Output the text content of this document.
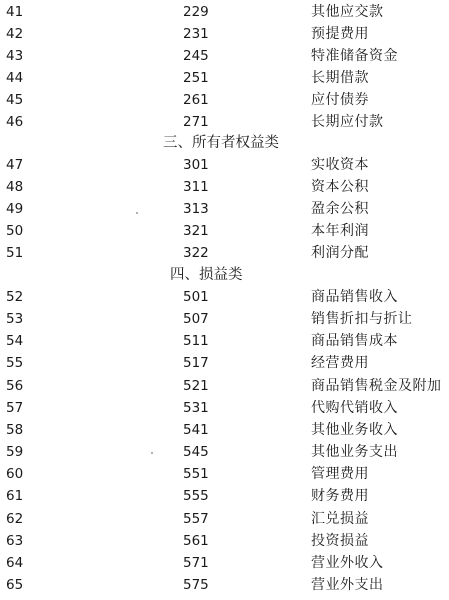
41	229	其他应交款
42	231	预提费用
43	245	特准储备资金
44	251	长期借款
45	261	应付债券
46	271	长期应付款
三、所有者权益类
47	301	实收资本
48	311	资本公积
49	313	盈余公积
50	321	本年利润
51	322	利润分配
四、损益类
52	501	商品销售收入
53	507	销售折扣与折让
54	511	商品销售成本
55	517	经营费用
56	521	商品销售税金及附加
57	531	代购代销收入
58	541	其他业务收入
59	545	其他业务支出
60	551	管理费用
61	555	财务费用
62	557	汇兑损益
63	561	投资损益
64	571	营业外收入
65	575	营业外支出
